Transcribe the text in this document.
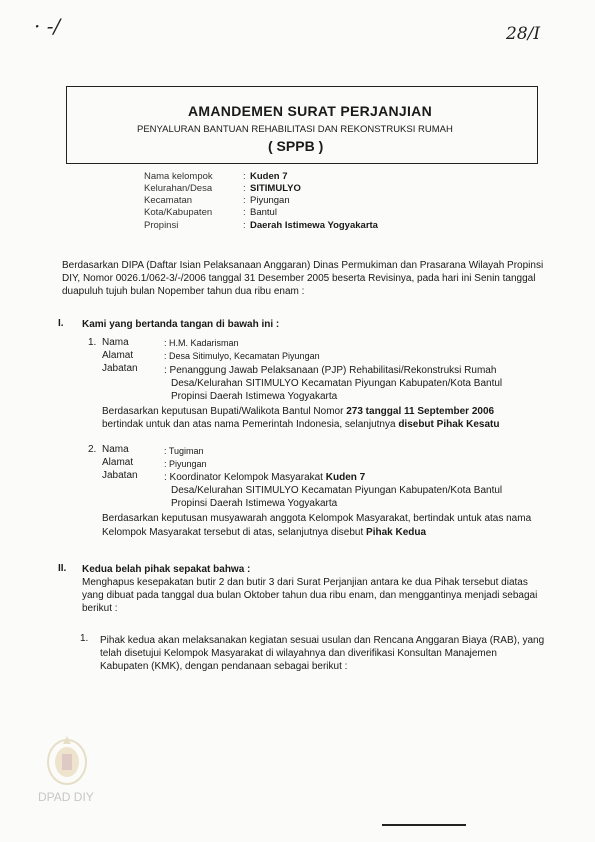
· -/	28/I
AMANDEMEN SURAT PERJANJIAN
PENYALURAN BANTUAN REHABILITASI DAN REKONSTRUKSI RUMAH
( SPPB )
Nama kelompok	: Kuden 7
Kelurahan/Desa	: SITIMULYO
Kecamatan	: Piyungan
Kota/Kabupaten	: Bantul
Propinsi	: Daerah Istimewa Yogyakarta
Berdasarkan DIPA (Daftar Isian Pelaksanaan Anggaran) Dinas Permukiman dan Prasarana Wilayah Propinsi
DIY, Nomor 0026.1/062-3/-/2006 tanggal 31 Desember 2005 beserta Revisinya, pada hari ini Senin tanggal
duapuluh tujuh bulan Nopember tahun dua ribu enam :
I. Kami yang bertanda tangan di bawah ini :
1. Nama	: H.M. Kadarisman
Alamat	: Desa Sitimulyo, Kecamatan Piyungan
Jabatan	: Penanggung Jawab Pelaksanaan (PJP) Rehabilitasi/Rekonstruksi Rumah
Desa/Kelurahan SITIMULYO Kecamatan Piyungan Kabupaten/Kota Bantul
Propinsi Daerah Istimewa Yogyakarta
Berdasarkan keputusan Bupati/Walikota Bantul Nomor 273 tanggal 11 September 2006
bertindak untuk dan atas nama Pemerintah Indonesia, selanjutnya disebut Pihak Kesatu
2. Nama	: Tugiman
Alamat	: Piyungan
Jabatan	: Koordinator Kelompok Masyarakat Kuden 7
Desa/Kelurahan SITIMULYO Kecamatan Piyungan Kabupaten/Kota Bantul
Propinsi Daerah Istimewa Yogyakarta
Berdasarkan keputusan musyawarah anggota Kelompok Masyarakat, bertindak untuk atas nama
Kelompok Masyarakat tersebut di atas, selanjutnya disebut Pihak Kedua
II. Kedua belah pihak sepakat bahwa :
Menghapus kesepakatan butir 2 dan butir 3 dari Surat Perjanjian antara ke dua Pihak tersebut diatas
yang dibuat pada tanggal dua bulan Oktober tahun dua ribu enam, dan menggantinya menjadi sebagai
berikut :
1. Pihak kedua akan melaksanakan kegiatan sesuai usulan dan Rencana Anggaran Biaya (RAB), yang
telah disetujui Kelompok Masyarakat di wilayahnya dan diverifikasi Konsultan Manajemen
Kabupaten (KMK), dengan pendanaan sebagai berikut :
DPAD DIY
